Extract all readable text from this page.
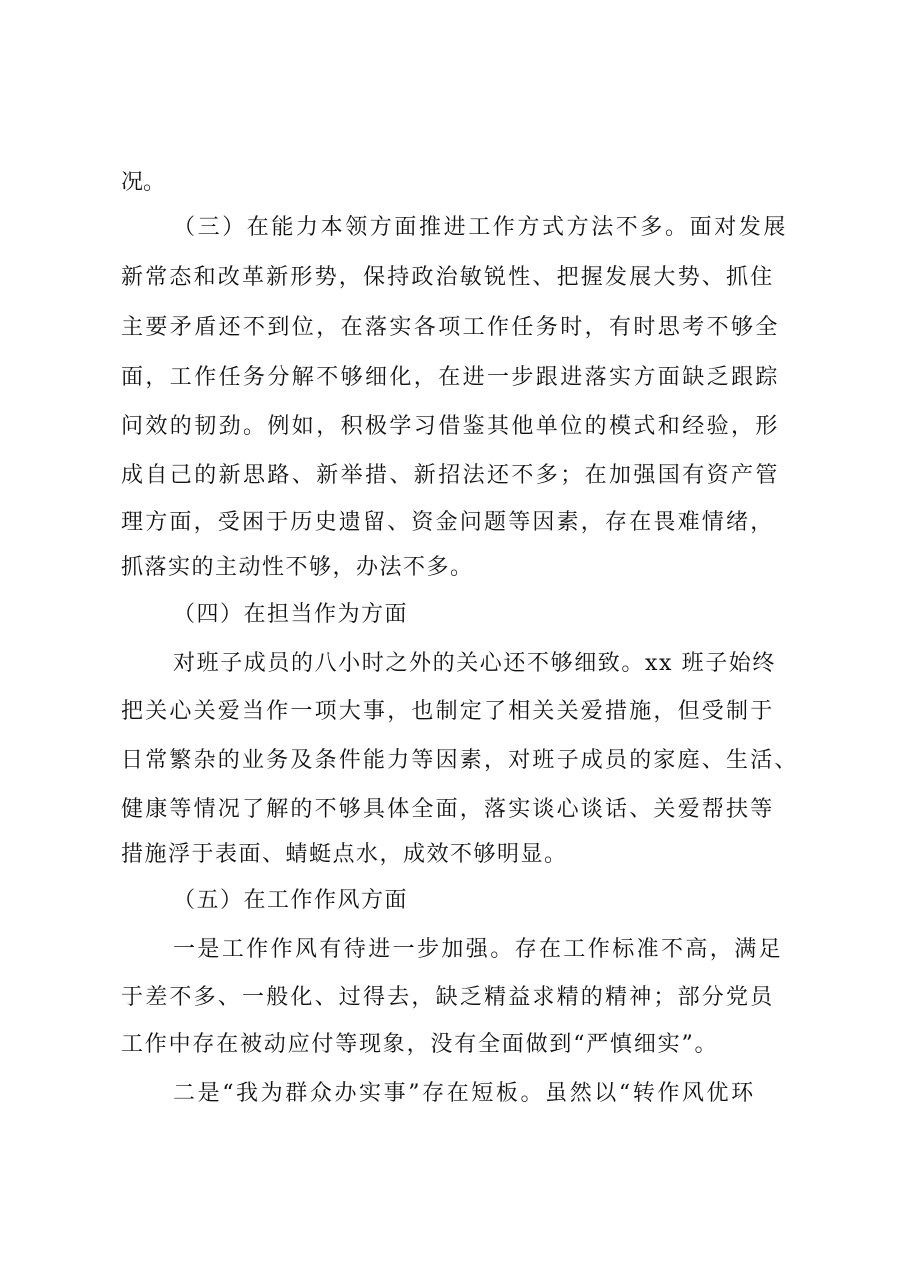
况。
（三）在能力本领方面推进工作方式方法不多。面对发展
新常态和改革新形势，保持政治敏锐性、把握发展大势、抓住
主要矛盾还不到位，在落实各项工作任务时，有时思考不够全
面，工作任务分解不够细化，在进一步跟进落实方面缺乏跟踪
问效的韧劲。例如，积极学习借鉴其他单位的模式和经验，形
成自己的新思路、新举措、新招法还不多；在加强国有资产管
理方面，受困于历史遗留、资金问题等因素，存在畏难情绪，
抓落实的主动性不够，办法不多。
（四）在担当作为方面
对班子成员的八小时之外的关心还不够细致。xx 班子始终
把关心关爱当作一项大事，也制定了相关关爱措施，但受制于
日常繁杂的业务及条件能力等因素，对班子成员的家庭、生活、
健康等情况了解的不够具体全面，落实谈心谈话、关爱帮扶等
措施浮于表面、蜻蜓点水，成效不够明显。
（五）在工作作风方面
一是工作作风有待进一步加强。存在工作标准不高，满足
于差不多、一般化、过得去，缺乏精益求精的精神；部分党员
工作中存在被动应付等现象，没有全面做到“严慎细实”。
二是“我为群众办实事”存在短板。虽然以“转作风优环
